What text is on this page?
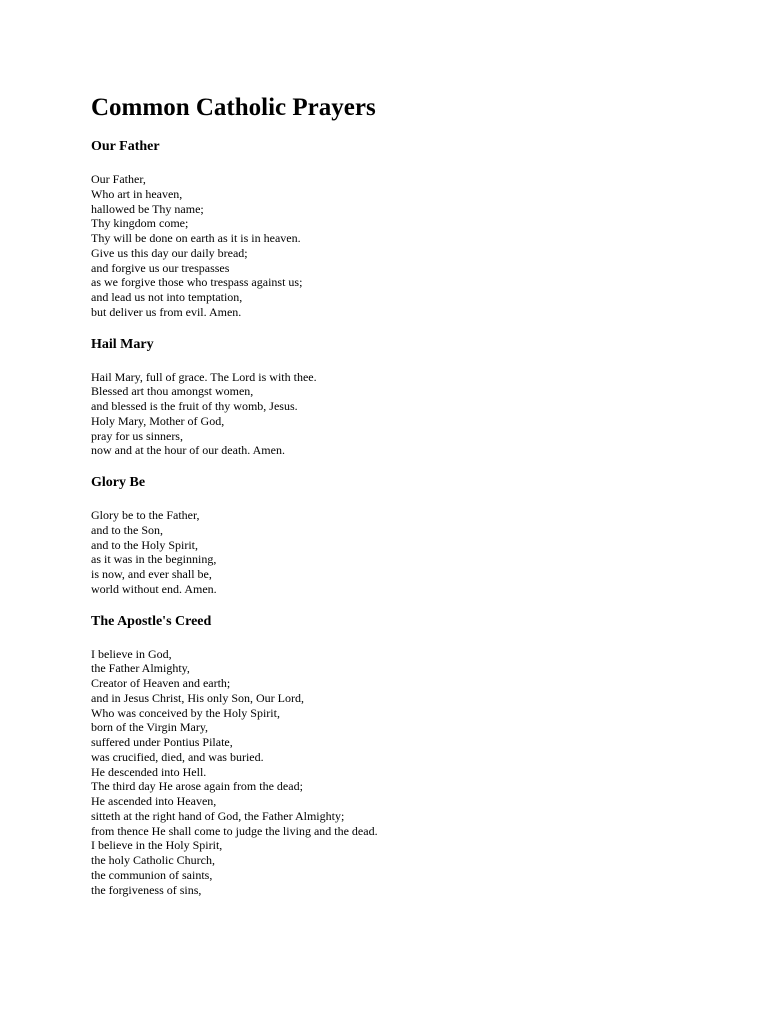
Common Catholic Prayers
Our Father
Our Father,
Who art in heaven,
hallowed be Thy name;
Thy kingdom come;
Thy will be done on earth as it is in heaven.
Give us this day our daily bread;
and forgive us our trespasses
as we forgive those who trespass against us;
and lead us not into temptation,
but deliver us from evil. Amen.
Hail Mary
Hail Mary, full of grace. The Lord is with thee.
Blessed art thou amongst women,
and blessed is the fruit of thy womb, Jesus.
Holy Mary, Mother of God,
pray for us sinners,
now and at the hour of our death. Amen.
Glory Be
Glory be to the Father,
and to the Son,
and to the Holy Spirit,
as it was in the beginning,
is now, and ever shall be,
world without end. Amen.
The Apostle's Creed
I believe in God,
the Father Almighty,
Creator of Heaven and earth;
and in Jesus Christ, His only Son, Our Lord,
Who was conceived by the Holy Spirit,
born of the Virgin Mary,
suffered under Pontius Pilate,
was crucified, died, and was buried.
He descended into Hell.
The third day He arose again from the dead;
He ascended into Heaven,
sitteth at the right hand of God, the Father Almighty;
from thence He shall come to judge the living and the dead.
I believe in the Holy Spirit,
the holy Catholic Church,
the communion of saints,
the forgiveness of sins,
